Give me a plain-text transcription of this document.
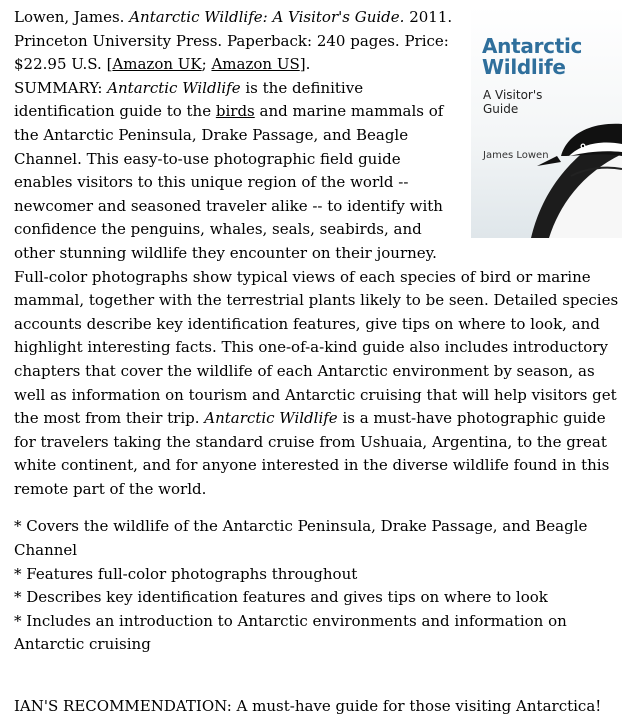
Antarctic
Wildlife
A Visitor's
Guide
James Lowen
Lowen, James. Antarctic Wildlife: A Visitor's Guide. 2011. Princeton University Press. Paperback: 240 pages. Price: $22.95 U.S. [Amazon UK; Amazon US].
SUMMARY: Antarctic Wildlife is the definitive identification guide to the birds and marine mammals of the Antarctic Peninsula, Drake Passage, and Beagle Channel. This easy-to-use photographic field guide enables visitors to this unique region of the world -- newcomer and seasoned traveler alike -- to identify with confidence the penguins, whales, seals, seabirds, and other stunning wildlife they encounter on their journey. Full-color photographs show typical views of each species of bird or marine mammal, together with the terrestrial plants likely to be seen. Detailed species accounts describe key identification features, give tips on where to look, and highlight interesting facts. This one-of-a-kind guide also includes introductory chapters that cover the wildlife of each Antarctic environment by season, as well as information on tourism and Antarctic cruising that will help visitors get the most from their trip. Antarctic Wildlife is a must-have photographic guide for travelers taking the standard cruise from Ushuaia, Argentina, to the great white continent, and for anyone interested in the diverse wildlife found in this remote part of the world.
* Covers the wildlife of the Antarctic Peninsula, Drake Passage, and Beagle Channel
* Features full-color photographs throughout
* Describes key identification features and gives tips on where to look
* Includes an introduction to Antarctic environments and information on Antarctic cruising
IAN'S RECOMMENDATION: A must-have guide for those visiting Antarctica!
